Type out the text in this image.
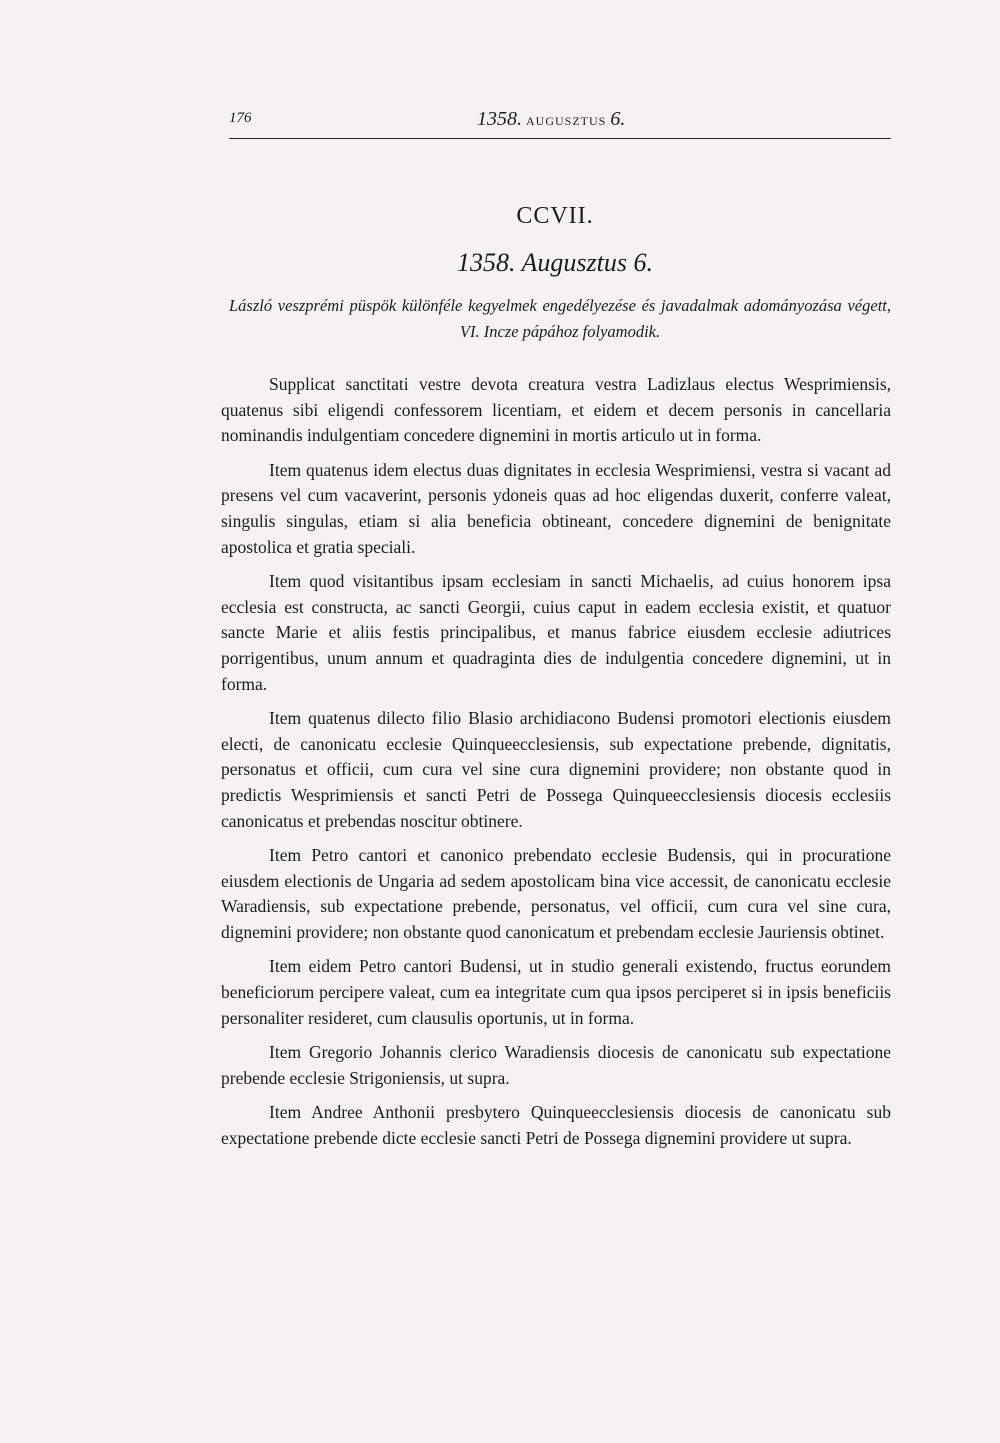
176	1358. AUGUSZTUS 6.
CCVII.
1358. Augusztus 6.
László veszprémi püspök különféle kegyelmek engedélyezése és javadalmak adományozása végett, VI. Incze pápához folyamodik.

Supplicat sanctitati vestre devota creatura vestra Ladizlaus electus Wesprimiensis, quatenus sibi eligendi confessorem licentiam, et eidem et decem personis in cancellaria nominandis indulgentiam concedere dignemini in mortis articulo ut in forma.

Item quatenus idem electus duas dignitates in ecclesia Wesprimiensi, vestra si vacant ad presens vel cum vacaverint, personis ydoneis quas ad hoc eligendas duxerit, conferre valeat, singulis singulas, etiam si alia beneficia obtineant, concedere dignemini de benignitate apostolica et gratia speciali.

Item quod visitantibus ipsam ecclesiam in sancti Michaelis, ad cuius honorem ipsa ecclesia est constructa, ac sancti Georgii, cuius caput in eadem ecclesia existit, et quatuor sancte Marie et aliis festis principalibus, et manus fabrice eiusdem ecclesie adiutrices porrigentibus, unum annum et quadraginta dies de indulgentia concedere dignemini, ut in forma.

Item quatenus dilecto filio Blasio archidiacono Budensi promotori electionis eiusdem electi, de canonicatu ecclesie Quinqueecclesiensis, sub expectatione prebende, dignitatis, personatus et officii, cum cura vel sine cura dignemini providere; non obstante quod in predictis Wesprimiensis et sancti Petri de Possega Quinqueecclesiensis diocesis ecclesiis canonicatus et prebendas noscitur obtinere.

Item Petro cantori et canonico prebendato ecclesie Budensis, qui in procuratione eiusdem electionis de Ungaria ad sedem apostolicam bina vice accessit, de canonicatu ecclesie Waradiensis, sub expectatione prebende, personatus, vel officii, cum cura vel sine cura, dignemini providere; non obstante quod canonicatum et prebendam ecclesie Jauriensis obtinet.

Item eidem Petro cantori Budensi, ut in studio generali existendo, fructus eorundem beneficiorum percipere valeat, cum ea integritate cum qua ipsos perciperet si in ipsis beneficiis personaliter resideret, cum clausulis oportunis, ut in forma.

Item Gregorio Johannis clerico Waradiensis diocesis de canonicatu sub expectatione prebende ecclesie Strigoniensis, ut supra.

Item Andree Anthonii presbytero Quinqueecclesiensis diocesis de canonicatu sub expectatione prebende dicte ecclesie sancti Petri de Possega dignemini providere ut supra.
